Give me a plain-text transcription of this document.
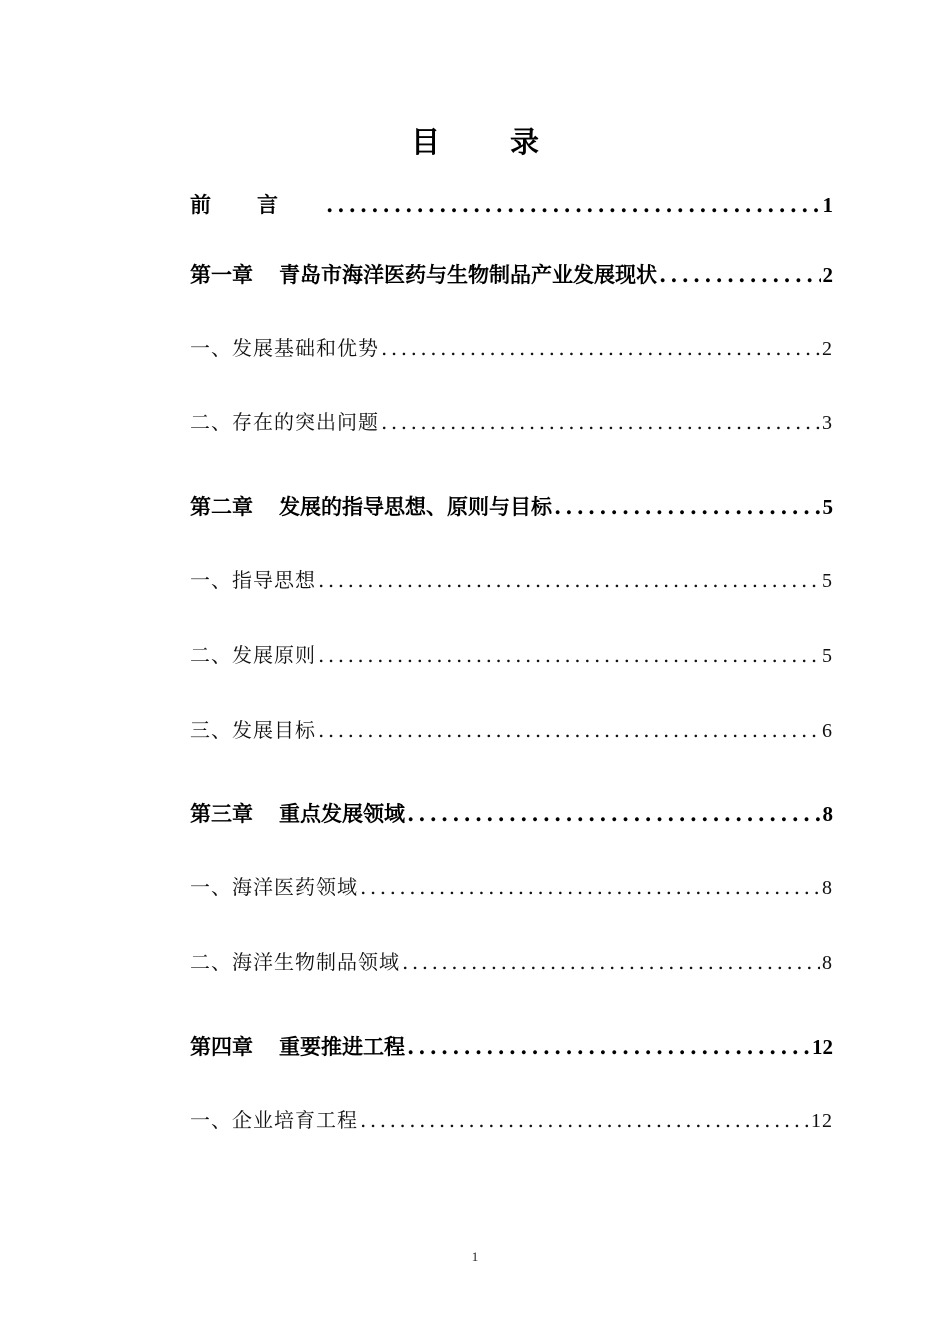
目 录
前言 .....	1
第一章 青岛市海洋医药与生物制品产业发展现状 .....	2
一、发展基础和优势 .....	2
二、存在的突出问题 .....	3
第二章 发展的指导思想、原则与目标 .....	5
一、指导思想 .....	5
二、发展原则 .....	5
三、发展目标 .....	6
第三章 重点发展领域 .....	8
一、海洋医药领域 .....	8
二、海洋生物制品领域 .....	8
第四章 重要推进工程 .....	12
一、企业培育工程 .....	12
1
